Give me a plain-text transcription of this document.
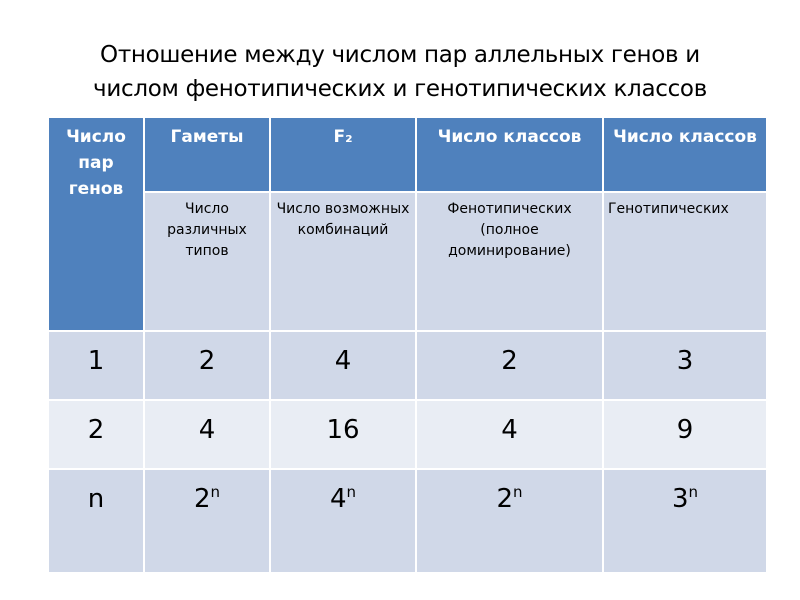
Отношение между числом пар аллельных генов и
числом фенотипических и генотипических классов
Число пар генов	Гаметы	F₂	Число классов	Число классов
	Число различных типов	Число возможных комбинаций	Фенотипических (полное доминирование)	Генотипических
1	2	4	2	3
2	4	16	4	9
n	2$^n$	4$^n$	2$^n$	3$^n$
